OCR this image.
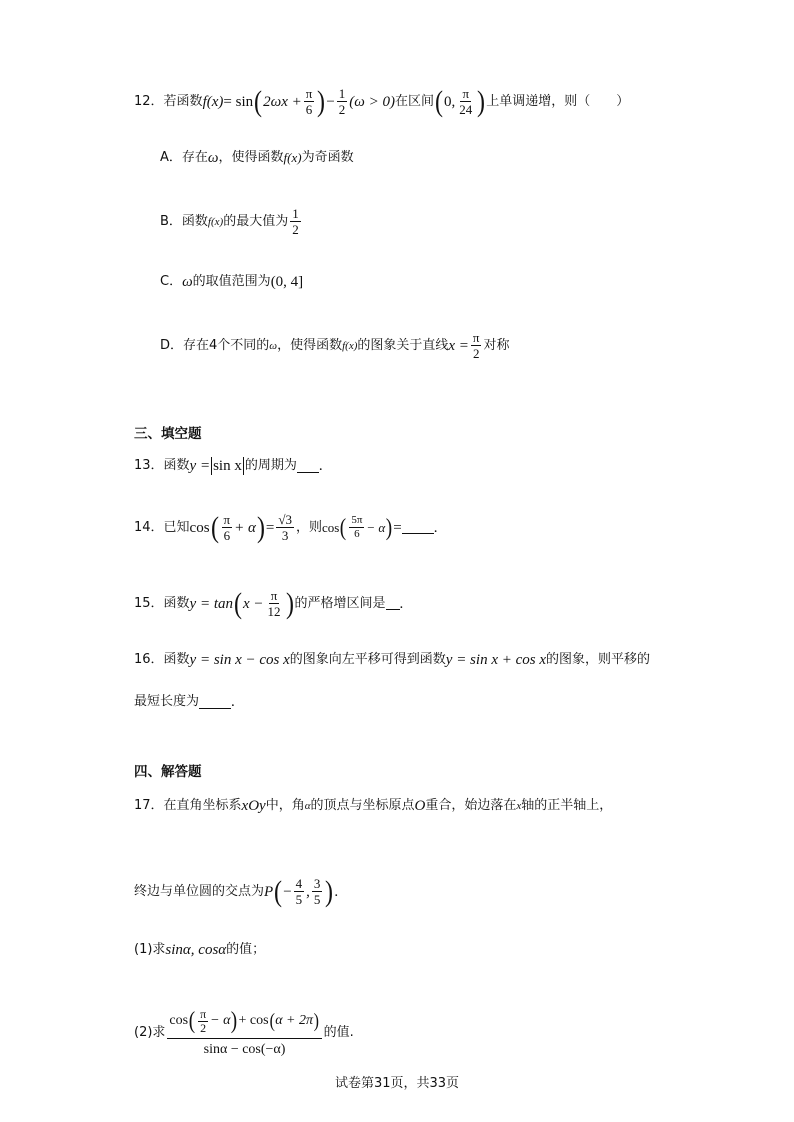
12． 若函数 f(x) = sin ( $2\omega x + \frac{\pi}{6}$ ) − $\frac{1}{2} (\omega > 0)$ 在区间 ( 0, $\frac{\pi}{24}$ ) 上单调递增，则（　　）
A．存在 ω ，使得函数 f(x) 为奇函数
B．函数 f(x) 的最大值为 $\frac{1}{2}$
C． ω 的取值范围为 (0, 4]
D．存在4个不同的 ω ，使得函数 f(x) 的图象关于直线 $x = \frac{\pi}{2}$ 对称
三、填空题
13．函数 y = sin x 的周期为 .
14．已知 cos ( $\frac{\pi}{6} + \alpha$ ) = $\frac{√3}{3}$ ，则 cos ( $\frac{5\pi}{6} - \alpha$ ) = .
15．函数 y = tan ( $x - \frac{\pi}{12}$ ) 的严格增区间是 .
16．函数 y = sin x − cos x 的图象向左平移可得到函数 y = sin x + cos x 的图象，则平移的
最短长度为 .
四、解答题
17．在直角坐标系 xOy 中，角 α 的顶点与坐标原点 O 重合，始边落在 x 轴的正半轴上，
终边与单位圆的交点为 P ( − $\frac{4}{5}$ , $\frac{3}{5}$ ) .
(1)求 sinα, cosα 的值；
(2)求
cos ( $\frac{\pi}{2} - \alpha$ ) + cos ( α + 2π )
sinα − cos(−α)
的值.
试卷第31页，共33页
